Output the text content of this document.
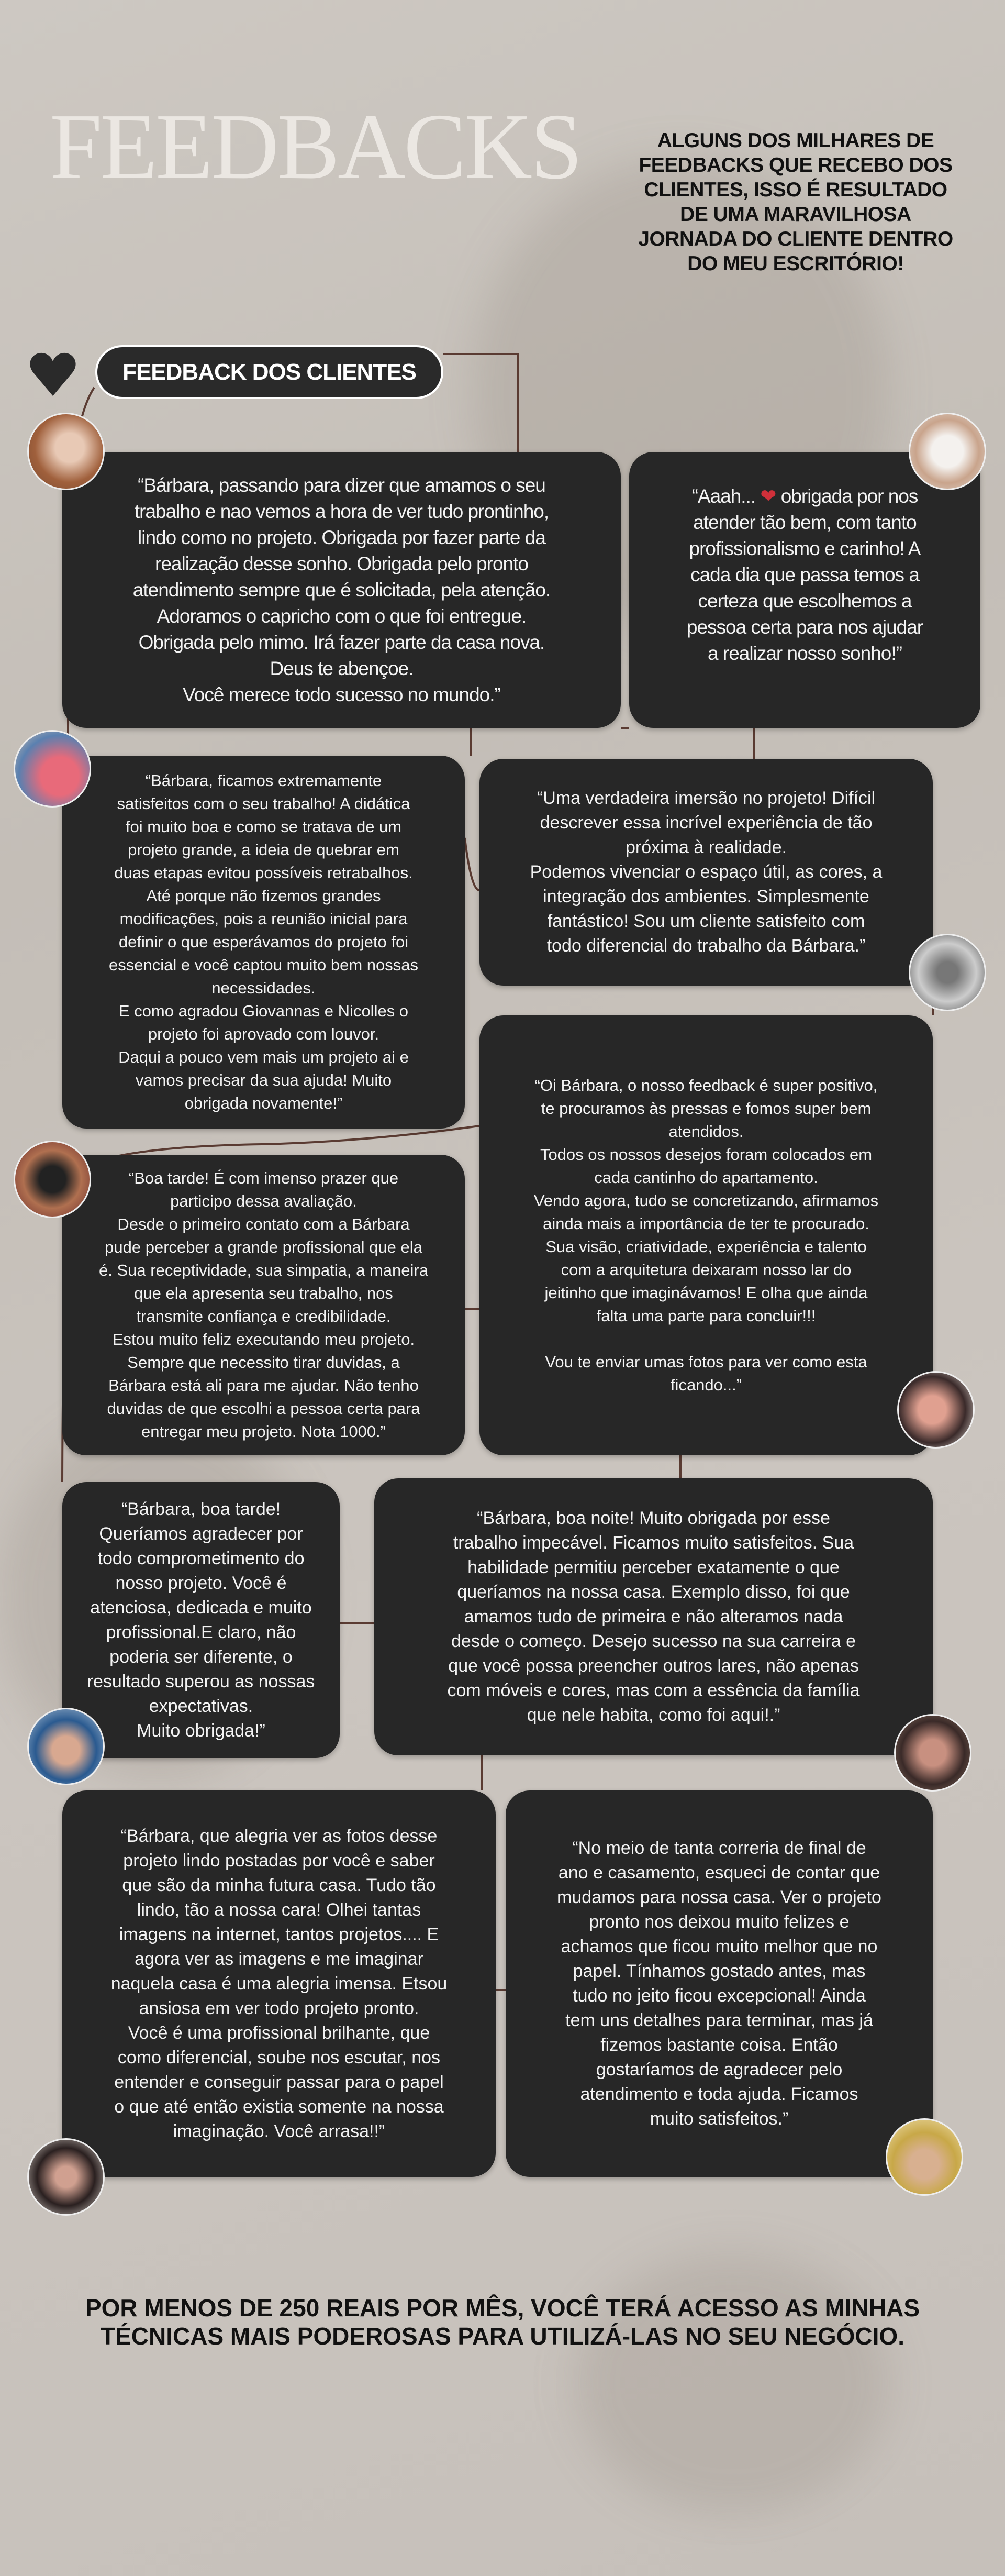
FEEDBACKS	ALGUNS DOS MILHARES DE
FEEDBACKS QUE RECEBO DOS
CLIENTES, ISSO É RESULTADO
DE UMA MARAVILHOSA
JORNADA DO CLIENTE DENTRO
DO MEU ESCRITÓRIO!
FEEDBACK DOS CLIENTES
“Bárbara, passando para dizer que amamos o seu
trabalho e nao vemos a hora de ver tudo prontinho,
lindo como no projeto. Obrigada por fazer parte da
realização desse sonho. Obrigada pelo pronto
atendimento sempre que é solicitada, pela atenção.
Adoramos o capricho com o que foi entregue.
Obrigada pelo mimo. Irá fazer parte da casa nova.
Deus te abençoe.
Você merece todo sucesso no mundo.”
“Aaah... ❤ obrigada por nos
atender tão bem, com tanto
profissionalismo e carinho! A
cada dia que passa temos a
certeza que escolhemos a
pessoa certa para nos ajudar
a realizar nosso sonho!”
“Bárbara, ficamos extremamente
satisfeitos com o seu trabalho! A didática
foi muito boa e como se tratava de um
projeto grande, a ideia de quebrar em
duas etapas evitou possíveis retrabalhos.
Até porque não fizemos grandes
modificações, pois a reunião inicial para
definir o que esperávamos do projeto foi
essencial e você captou muito bem nossas
necessidades.
E como agradou Giovannas e Nicolles o
projeto foi aprovado com louvor.
Daqui a pouco vem mais um projeto ai e
vamos precisar da sua ajuda! Muito
obrigada novamente!”
“Uma verdadeira imersão no projeto! Difícil
descrever essa incrível experiência de tão
próxima à realidade.
Podemos vivenciar o espaço útil, as cores, a
integração dos ambientes. Simplesmente
fantástico! Sou um cliente satisfeito com
todo diferencial do trabalho da Bárbara.”
“Oi Bárbara, o nosso feedback é super positivo,
te procuramos às pressas e fomos super bem
atendidos.
Todos os nossos desejos foram colocados em
cada cantinho do apartamento.
Vendo agora, tudo se concretizando, afirmamos
ainda mais a importância de ter te procurado.
Sua visão, criatividade, experiência e talento
com a arquitetura deixaram nosso lar do
jeitinho que imaginávamos! E olha que ainda
falta uma parte para concluir!!!

Vou te enviar umas fotos para ver como esta
ficando...”
“Boa tarde! É com imenso prazer que
participo dessa avaliação.
Desde o primeiro contato com a Bárbara
pude perceber a grande profissional que ela
é. Sua receptividade, sua simpatia, a maneira
que ela apresenta seu trabalho, nos
transmite confiança e credibilidade.
Estou muito feliz executando meu projeto.
Sempre que necessito tirar duvidas, a
Bárbara está ali para me ajudar. Não tenho
duvidas de que escolhi a pessoa certa para
entregar meu projeto. Nota 1000.”
“Bárbara, boa tarde!
Queríamos agradecer por
todo comprometimento do
nosso projeto. Você é
atenciosa, dedicada e muito
profissional.E claro, não
poderia ser diferente, o
resultado superou as nossas
expectativas.
Muito obrigada!”
“Bárbara, boa noite! Muito obrigada por esse
trabalho impecável. Ficamos muito satisfeitos. Sua
habilidade permitiu perceber exatamente o que
queríamos na nossa casa. Exemplo disso, foi que
amamos tudo de primeira e não alteramos nada
desde o começo. Desejo sucesso na sua carreira e
que você possa preencher outros lares, não apenas
com móveis e cores, mas com a essência da família
que nele habita, como foi aqui!.”
“Bárbara, que alegria ver as fotos desse
projeto lindo postadas por você e saber
que são da minha futura casa. Tudo tão
lindo, tão a nossa cara! Olhei tantas
imagens na internet, tantos projetos.... E
agora ver as imagens e me imaginar
naquela casa é uma alegria imensa. Etsou
ansiosa em ver todo projeto pronto.
Você é uma profissional brilhante, que
como diferencial, soube nos escutar, nos
entender e conseguir passar para o papel
o que até então existia somente na nossa
imaginação. Você arrasa!!”
“No meio de tanta correria de final de
ano e casamento, esqueci de contar que
mudamos para nossa casa. Ver o projeto
pronto nos deixou muito felizes e
achamos que ficou muito melhor que no
papel. Tínhamos gostado antes, mas
tudo no jeito ficou excepcional! Ainda
tem uns detalhes para terminar, mas já
fizemos bastante coisa. Então
gostaríamos de agradecer pelo
atendimento e toda ajuda. Ficamos
muito satisfeitos.”
POR MENOS DE 250 REAIS POR MÊS, VOCÊ TERÁ ACESSO AS MINHAS
TÉCNICAS MAIS PODEROSAS PARA UTILIZÁ-LAS NO SEU NEGÓCIO.
